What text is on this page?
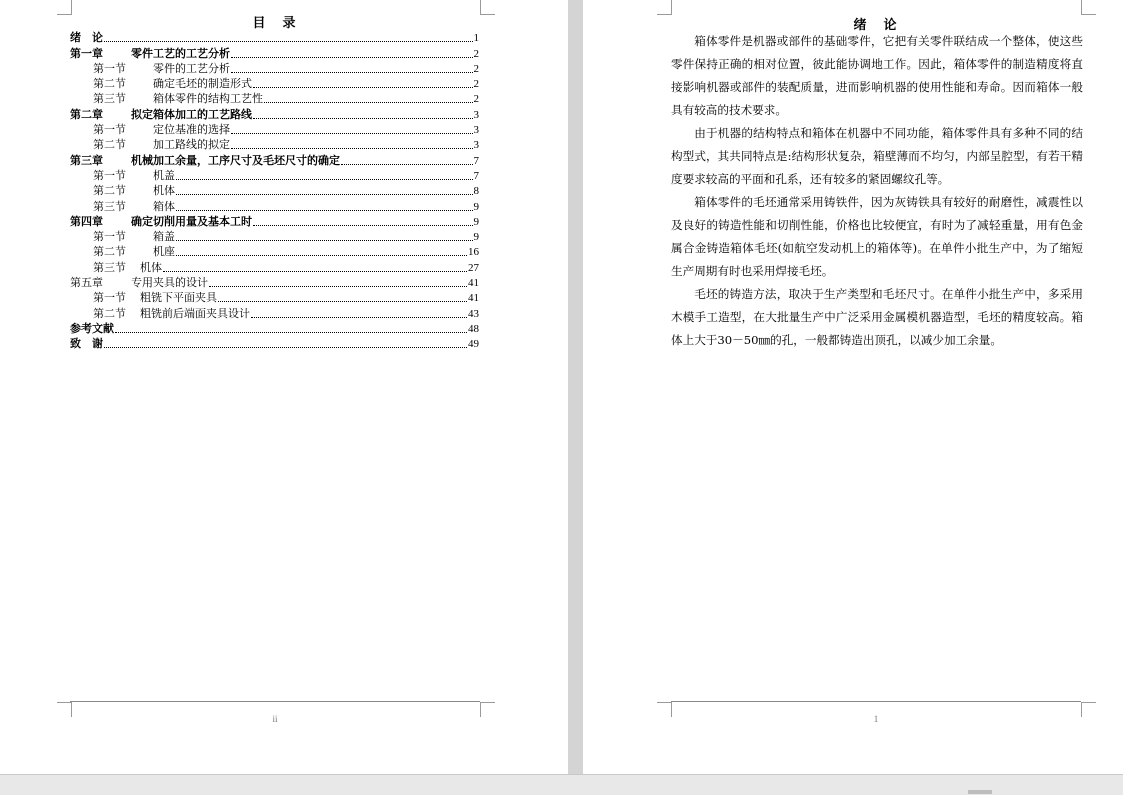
目　录
绪　论	1
第一章	零件工艺的工艺分析	2
第一节	零件的工艺分析	2
第二节	确定毛坯的制造形式	2
第三节	箱体零件的结构工艺性	2
第二章	拟定箱体加工的工艺路线	3
第一节	定位基准的选择	3
第二节	加工路线的拟定	3
第三章	机械加工余量，工序尺寸及毛坯尺寸的确定	7
第一节	机盖	7
第二节	机体	8
第三节	箱体	9
第四章	确定切削用量及基本工时	9
第一节	箱盖	9
第二节	机座	16
第三节	机体	27
第五章	专用夹具的设计	41
第一节	粗铣下平面夹具	41
第二节	粗铣前后端面夹具设计	43
参考文献	48
致　谢	49
ii
绪　论

箱体零件是机器或部件的基础零件，它把有关零件联结成一个整体，使这些零件保持正确的相对位置，彼此能协调地工作。因此，箱体零件的制造精度将直接影响机器或部件的装配质量，进而影响机器的使用性能和寿命。因而箱体一般具有较高的技术要求。

由于机器的结构特点和箱体在机器中不同功能，箱体零件具有多种不同的结构型式，其共同特点是:结构形状复杂，箱壁薄而不均匀，内部呈腔型，有若干精度要求较高的平面和孔系，还有较多的紧固螺纹孔等。

箱体零件的毛坯通常采用铸铁件，因为灰铸铁具有较好的耐磨性，减震性以及良好的铸造性能和切削性能，价格也比较便宜，有时为了减轻重量，用有色金属合金铸造箱体毛坯(如航空发动机上的箱体等)。在单件小批生产中，为了缩短生产周期有时也采用焊接毛坯。

毛坯的铸造方法，取决于生产类型和毛坯尺寸。在单件小批生产中，多采用木模手工造型，在大批量生产中广泛采用金属模机器造型，毛坯的精度较高。箱体上大于30－50㎜的孔，一般都铸造出顶孔，以减少加工余量。

1
